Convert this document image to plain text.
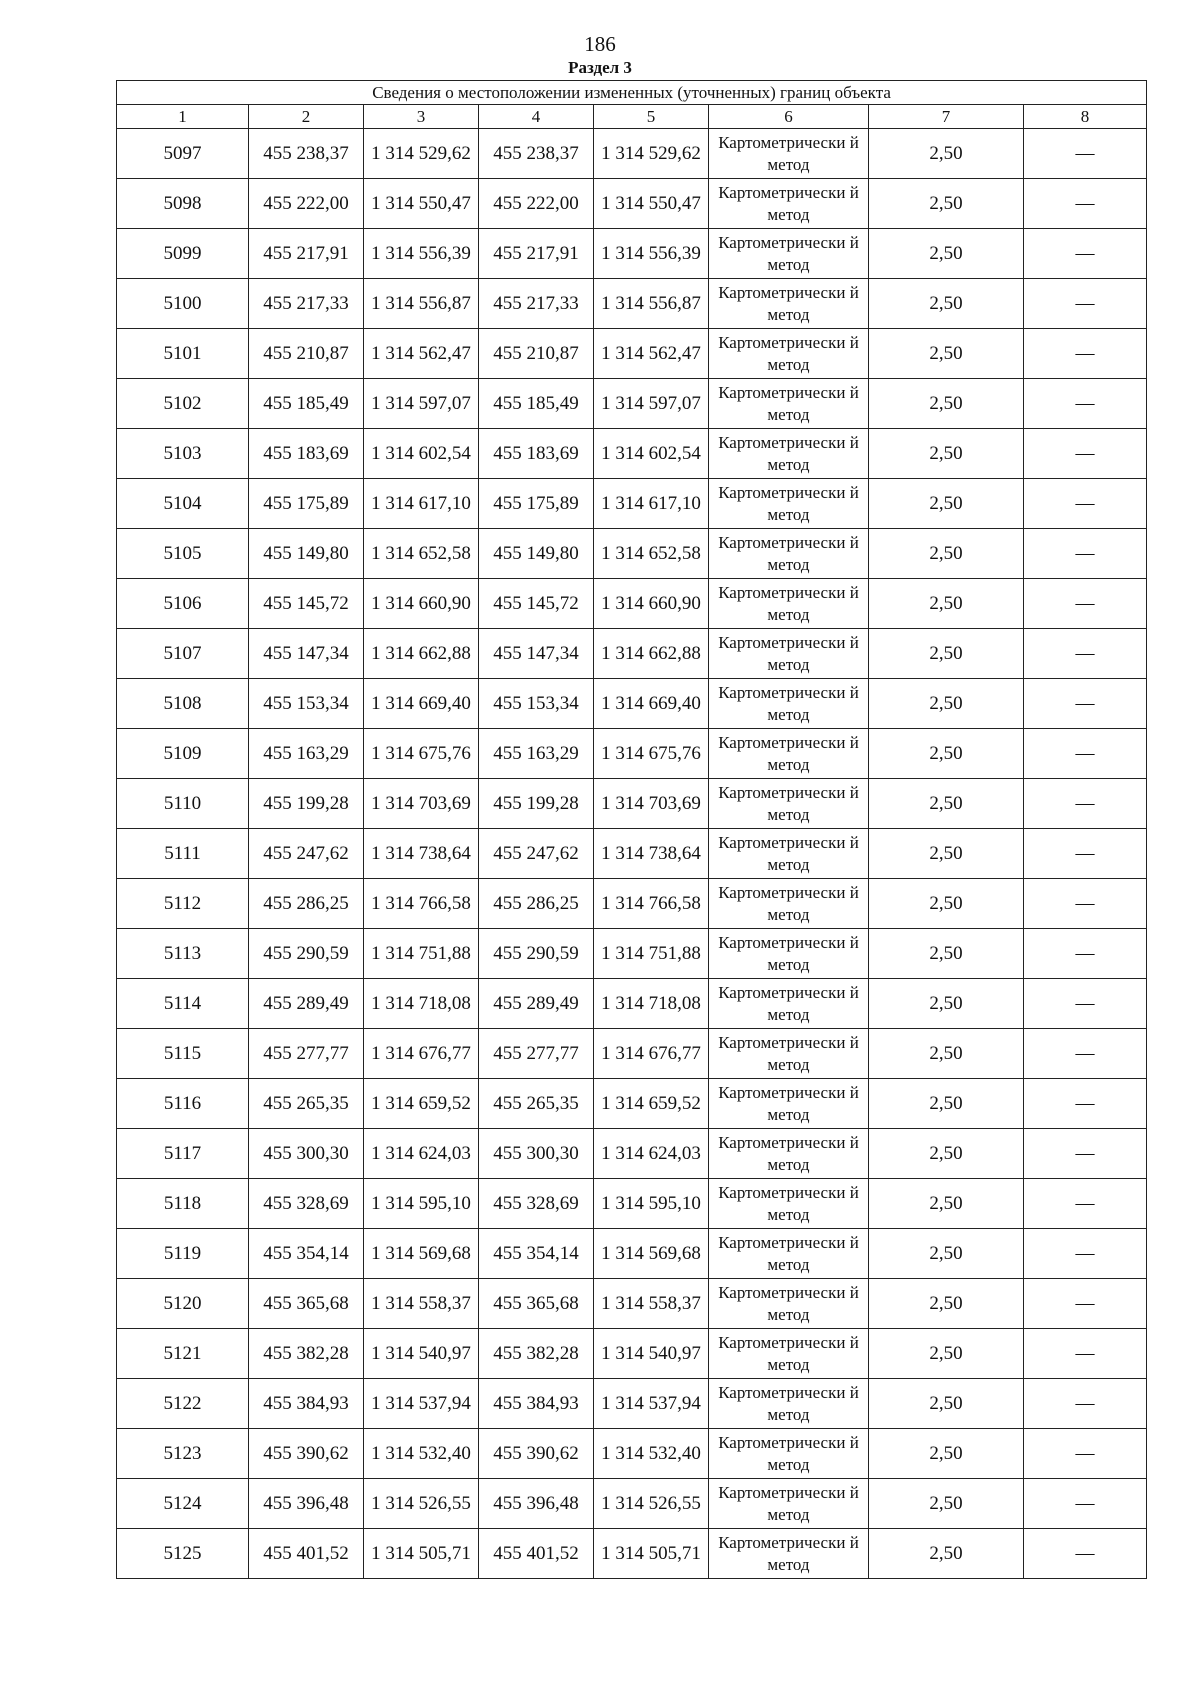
186
Раздел 3
Сведения о местоположении измененных (уточненных) границ объекта							
1	2	3	4	5	6	7	8
5097	455 238,37	1 314 529,62	455 238,37	1 314 529,62	Картометрически й метод	2,50	—
5098	455 222,00	1 314 550,47	455 222,00	1 314 550,47	Картометрически й метод	2,50	—
5099	455 217,91	1 314 556,39	455 217,91	1 314 556,39	Картометрически й метод	2,50	—
5100	455 217,33	1 314 556,87	455 217,33	1 314 556,87	Картометрически й метод	2,50	—
5101	455 210,87	1 314 562,47	455 210,87	1 314 562,47	Картометрически й метод	2,50	—
5102	455 185,49	1 314 597,07	455 185,49	1 314 597,07	Картометрически й метод	2,50	—
5103	455 183,69	1 314 602,54	455 183,69	1 314 602,54	Картометрически й метод	2,50	—
5104	455 175,89	1 314 617,10	455 175,89	1 314 617,10	Картометрически й метод	2,50	—
5105	455 149,80	1 314 652,58	455 149,80	1 314 652,58	Картометрически й метод	2,50	—
5106	455 145,72	1 314 660,90	455 145,72	1 314 660,90	Картометрически й метод	2,50	—
5107	455 147,34	1 314 662,88	455 147,34	1 314 662,88	Картометрически й метод	2,50	—
5108	455 153,34	1 314 669,40	455 153,34	1 314 669,40	Картометрически й метод	2,50	—
5109	455 163,29	1 314 675,76	455 163,29	1 314 675,76	Картометрически й метод	2,50	—
5110	455 199,28	1 314 703,69	455 199,28	1 314 703,69	Картометрически й метод	2,50	—
5111	455 247,62	1 314 738,64	455 247,62	1 314 738,64	Картометрически й метод	2,50	—
5112	455 286,25	1 314 766,58	455 286,25	1 314 766,58	Картометрически й метод	2,50	—
5113	455 290,59	1 314 751,88	455 290,59	1 314 751,88	Картометрически й метод	2,50	—
5114	455 289,49	1 314 718,08	455 289,49	1 314 718,08	Картометрически й метод	2,50	—
5115	455 277,77	1 314 676,77	455 277,77	1 314 676,77	Картометрически й метод	2,50	—
5116	455 265,35	1 314 659,52	455 265,35	1 314 659,52	Картометрически й метод	2,50	—
5117	455 300,30	1 314 624,03	455 300,30	1 314 624,03	Картометрически й метод	2,50	—
5118	455 328,69	1 314 595,10	455 328,69	1 314 595,10	Картометрически й метод	2,50	—
5119	455 354,14	1 314 569,68	455 354,14	1 314 569,68	Картометрически й метод	2,50	—
5120	455 365,68	1 314 558,37	455 365,68	1 314 558,37	Картометрически й метод	2,50	—
5121	455 382,28	1 314 540,97	455 382,28	1 314 540,97	Картометрически й метод	2,50	—
5122	455 384,93	1 314 537,94	455 384,93	1 314 537,94	Картометрически й метод	2,50	—
5123	455 390,62	1 314 532,40	455 390,62	1 314 532,40	Картометрически й метод	2,50	—
5124	455 396,48	1 314 526,55	455 396,48	1 314 526,55	Картометрически й метод	2,50	—
5125	455 401,52	1 314 505,71	455 401,52	1 314 505,71	Картометрически й метод	2,50	—
